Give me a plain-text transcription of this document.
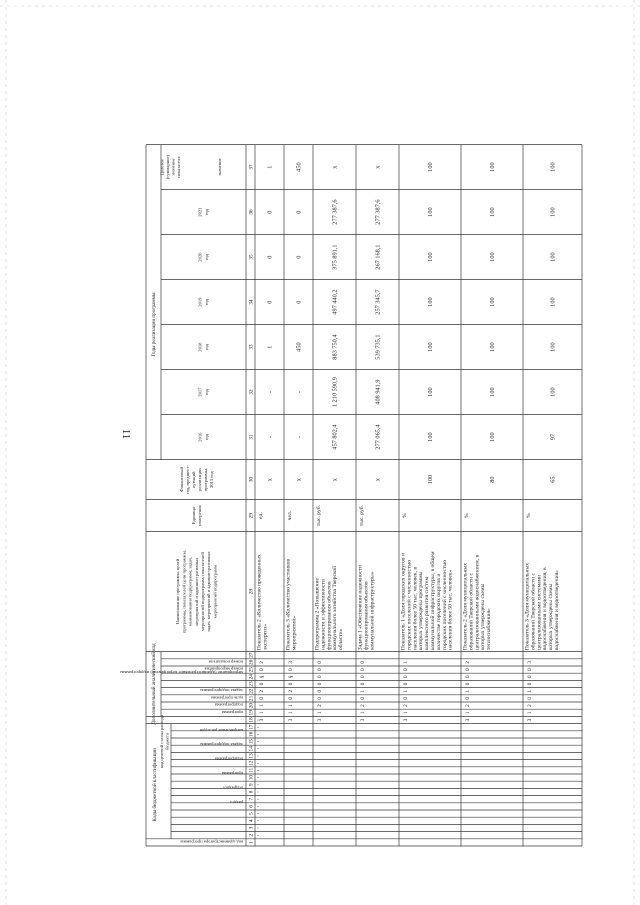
11
Коды бюджетной классификации
код целевой статьи расхода бюджета
Дополнительный аналитический код
Годы реализации программы
Целевое (суммарное) значение показателя
код администратора программы
раздел
подраздел
программа
подпрограмма
задача подпрограммы
направление расходов
программа
подпрограмма
цель программы
задача подпрограммы
мероприятие (административное мероприятие) подпрограммы
номер мероприятия
номер показателя
Наименование программы, целей программы, показателей цели программы, наименования подпрограмм, задач, мероприятий и административных мероприятий подпрограмм, показателей задач, мероприятий и административных мероприятий подпрограмм
Единица измерения
Финансовый год, предшест- вующий реализации программы, 2015 год
2016 год
2017 год
2018 год
2019 год
2020 год
2021 год
значение
1
2
3
4
5
6
7
8
9
10
11
12
13
14
15
16
17
18
19
20
21
22
23
24
25
26
27
28
29
30
31
32
33
34
35
36
37
3
1
1
0
2
0
§
0
2
Показатель 2 «Количество проведенных экспертиз»
ед.
x
-
-
1
0
0
0
1
3
1
1
0
2
0
§
0
3
Показатель 3 «Количество участников мероприятий»
чел.
x
-
-
450
0
0
0
450
3
1
2
0
0
0
0
0
0
Подпрограмма 2 «Повышение надежности и эффективности функционирования объектов коммунального хозяйства Тверской области»
тыс. руб.
x
457 802,4
1 210 590,9
883 750,4
497 440,2
375 891,1
277 387,6
x
3
1
2
0
1
0
0
0
0
Задача 1 «Обеспечение надежности функционирования объектов коммунальной инфраструктуры»
тыс. руб.
x
277 065,4
408 941,9
539 735,1
257 345,7
267 168,1
277 387,6
x
3
1
2
0
1
0
0
0
1
Показатель 1 «Доля городских округов и городских поселений с численностью населения более 50 тыс. человек, в которых утверждены программы комплексного развития систем коммунальной инфраструктуры, в общем количестве городских округов и городских поселений с численностью населения более 50 тыс. человек»
%
100
100
100
100
100
100
100
100
3
1
2
0
1
0
0
0
2
Показатель 2 «Доля муниципальных образований Тверской области с централизованными водоснабжением, в которых утверждены схемы теплоснабжения»
%
80
100
100
100
100
100
100
100
3
1
2
0
1
0
0
0
3
Показатель 3 «Доля муниципальных образований Тверской области с централизованными системами водоснабжения и водоотведения, в которых утверждены схемы водоснабжения и водоотведения»
%
65
97
100
100
100
100
100
100
